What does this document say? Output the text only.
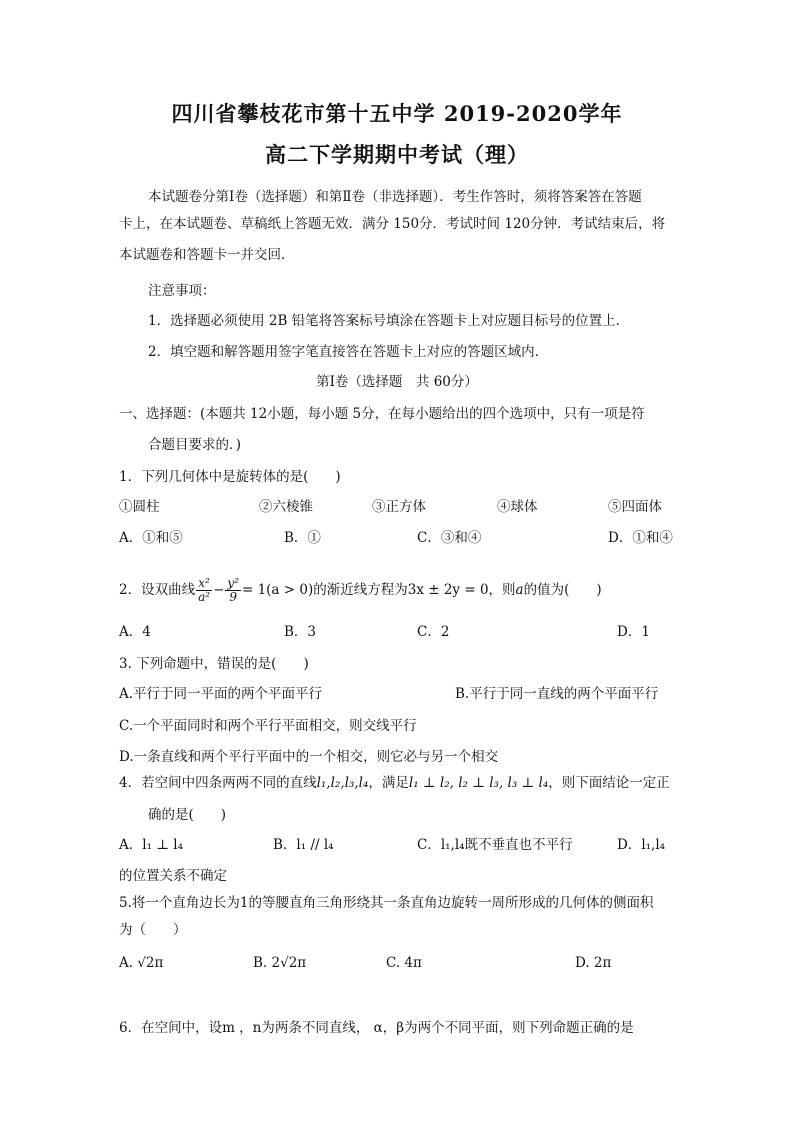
四川省攀枝花市第十五中学 2019-2020学年
高二下学期期中考试（理）
本试题卷分第Ⅰ卷（选择题）和第Ⅱ卷（非选择题）．考生作答时，须将答案答在答题
卡上，在本试题卷、草稿纸上答题无效．满分 150分．考试时间 120分钟．考试结束后，将
本试题卷和答题卡一并交回．
注意事项：
1．选择题必须使用 2B 铅笔将答案标号填涂在答题卡上对应题目标号的位置上．
2．填空题和解答题用签字笔直接答在答题卡上对应的答题区域内．
第Ⅰ卷（选择题　共 60分）
一、选择题：(本题共 12小题，每小题 5分，在每小题给出的四个选项中，只有一项是符
合题目要求的．)
1．下列几何体中是旋转体的是(　　)
①圆柱	②六棱锥	③正方体	④球体	⑤四面体
A．①和⑤	B．①	C．③和④	D．①和④
2．设双曲线 $\frac{\text{x²}}{\text{a²}} - \frac{\text{y²}}{9} = 1(a > 0)$的渐近线方程为3x ± 2y = 0，则a的值为(　　)
A．4	B．3	C．2	D．1
3. 下列命题中，错误的是(　　)
A.平行于同一平面的两个平面平行	B.平行于同一直线的两个平面平行
C.一个平面同时和两个平行平面相交，则交线平行
D.一条直线和两个平行平面中的一个相交，则它必与另一个相交
4．若空间中四条两两不同的直线l₁,l₂,l₃,l₄，满足l₁ ⊥ l₂, l₂ ⊥ l₃, l₃ ⊥ l₄，则下面结论一定正
确的是(　　)
A．l₁ ⊥ l₄	B．l₁ // l₄	C．l₁,l₄既不垂直也不平行	D．l₁,l₄
的位置关系不确定
5.将一个直角边长为1的等腰直角三角形绕其一条直角边旋转一周所形成的几何体的侧面积
为（　　）
A. √2π	B. 2√2π	C. 4π	D. 2π
6．在空间中，设m ，n为两条不同直线， α，β为两个不同平面，则下列命题正确的是
